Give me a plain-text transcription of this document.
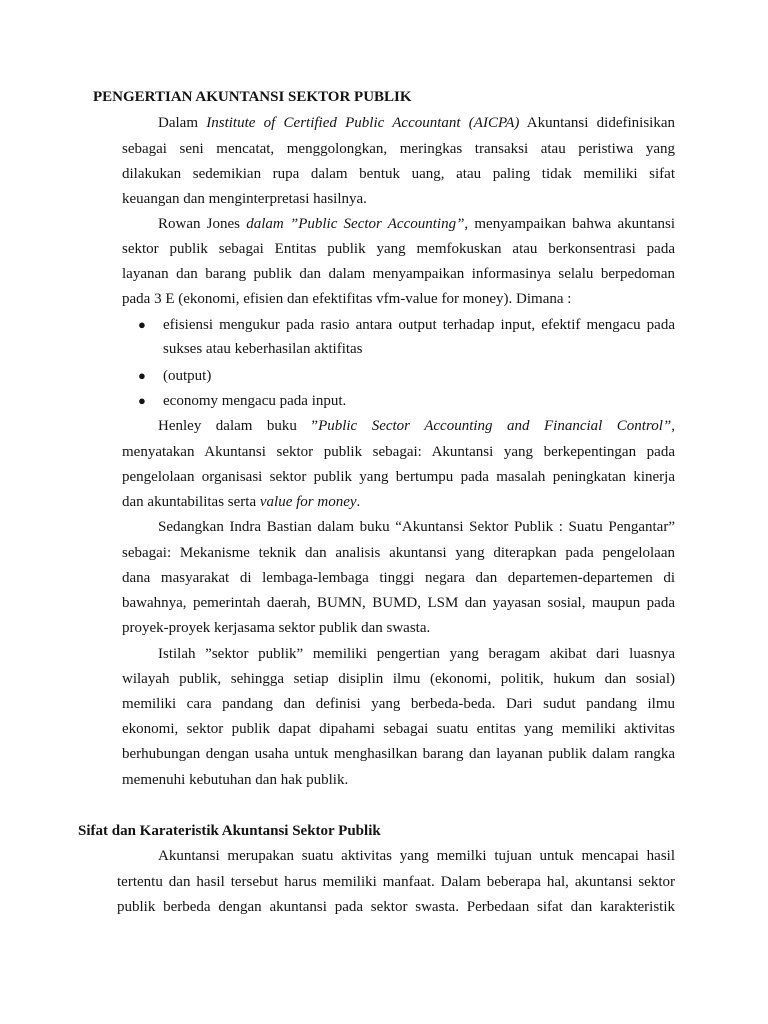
PENGERTIAN AKUNTANSI SEKTOR PUBLIK
Dalam Institute of Certified Public Accountant (AICPA) Akuntansi didefinisikan
sebagai seni mencatat, menggolongkan, meringkas transaksi atau peristiwa yang
dilakukan sedemikian rupa dalam bentuk uang, atau paling tidak memiliki sifat
keuangan dan menginterpretasi hasilnya.
Rowan Jones dalam ”Public Sector Accounting”, menyampaikan bahwa akuntansi
sektor publik sebagai Entitas publik yang memfokuskan atau berkonsentrasi pada
layanan dan barang publik dan dalam menyampaikan informasinya selalu berpedoman
pada 3 E (ekonomi, efisien dan efektifitas vfm-value for money). Dimana :
● efisiensi mengukur pada rasio antara output terhadap input, efektif mengacu pada
sukses atau keberhasilan aktifitas
● (output)
● economy mengacu pada input.
Henley dalam buku ”Public Sector Accounting and Financial Control”,
menyatakan Akuntansi sektor publik sebagai: Akuntansi yang berkepentingan pada
pengelolaan organisasi sektor publik yang bertumpu pada masalah peningkatan kinerja
dan akuntabilitas serta value for money.
Sedangkan Indra Bastian dalam buku “Akuntansi Sektor Publik : Suatu Pengantar”
sebagai: Mekanisme teknik dan analisis akuntansi yang diterapkan pada pengelolaan
dana masyarakat di lembaga-lembaga tinggi negara dan departemen-departemen di
bawahnya, pemerintah daerah, BUMN, BUMD, LSM dan yayasan sosial, maupun pada
proyek-proyek kerjasama sektor publik dan swasta.
Istilah ”sektor publik” memiliki pengertian yang beragam akibat dari luasnya
wilayah publik, sehingga setiap disiplin ilmu (ekonomi, politik, hukum dan sosial)
memiliki cara pandang dan definisi yang berbeda-beda. Dari sudut pandang ilmu
ekonomi, sektor publik dapat dipahami sebagai suatu entitas yang memiliki aktivitas
berhubungan dengan usaha untuk menghasilkan barang dan layanan publik dalam rangka
memenuhi kebutuhan dan hak publik.
Sifat dan Karateristik Akuntansi Sektor Publik
Akuntansi merupakan suatu aktivitas yang memilki tujuan untuk mencapai hasil
tertentu dan hasil tersebut harus memiliki manfaat. Dalam beberapa hal, akuntansi sektor
publik berbeda dengan akuntansi pada sektor swasta. Perbedaan sifat dan karakteristik
